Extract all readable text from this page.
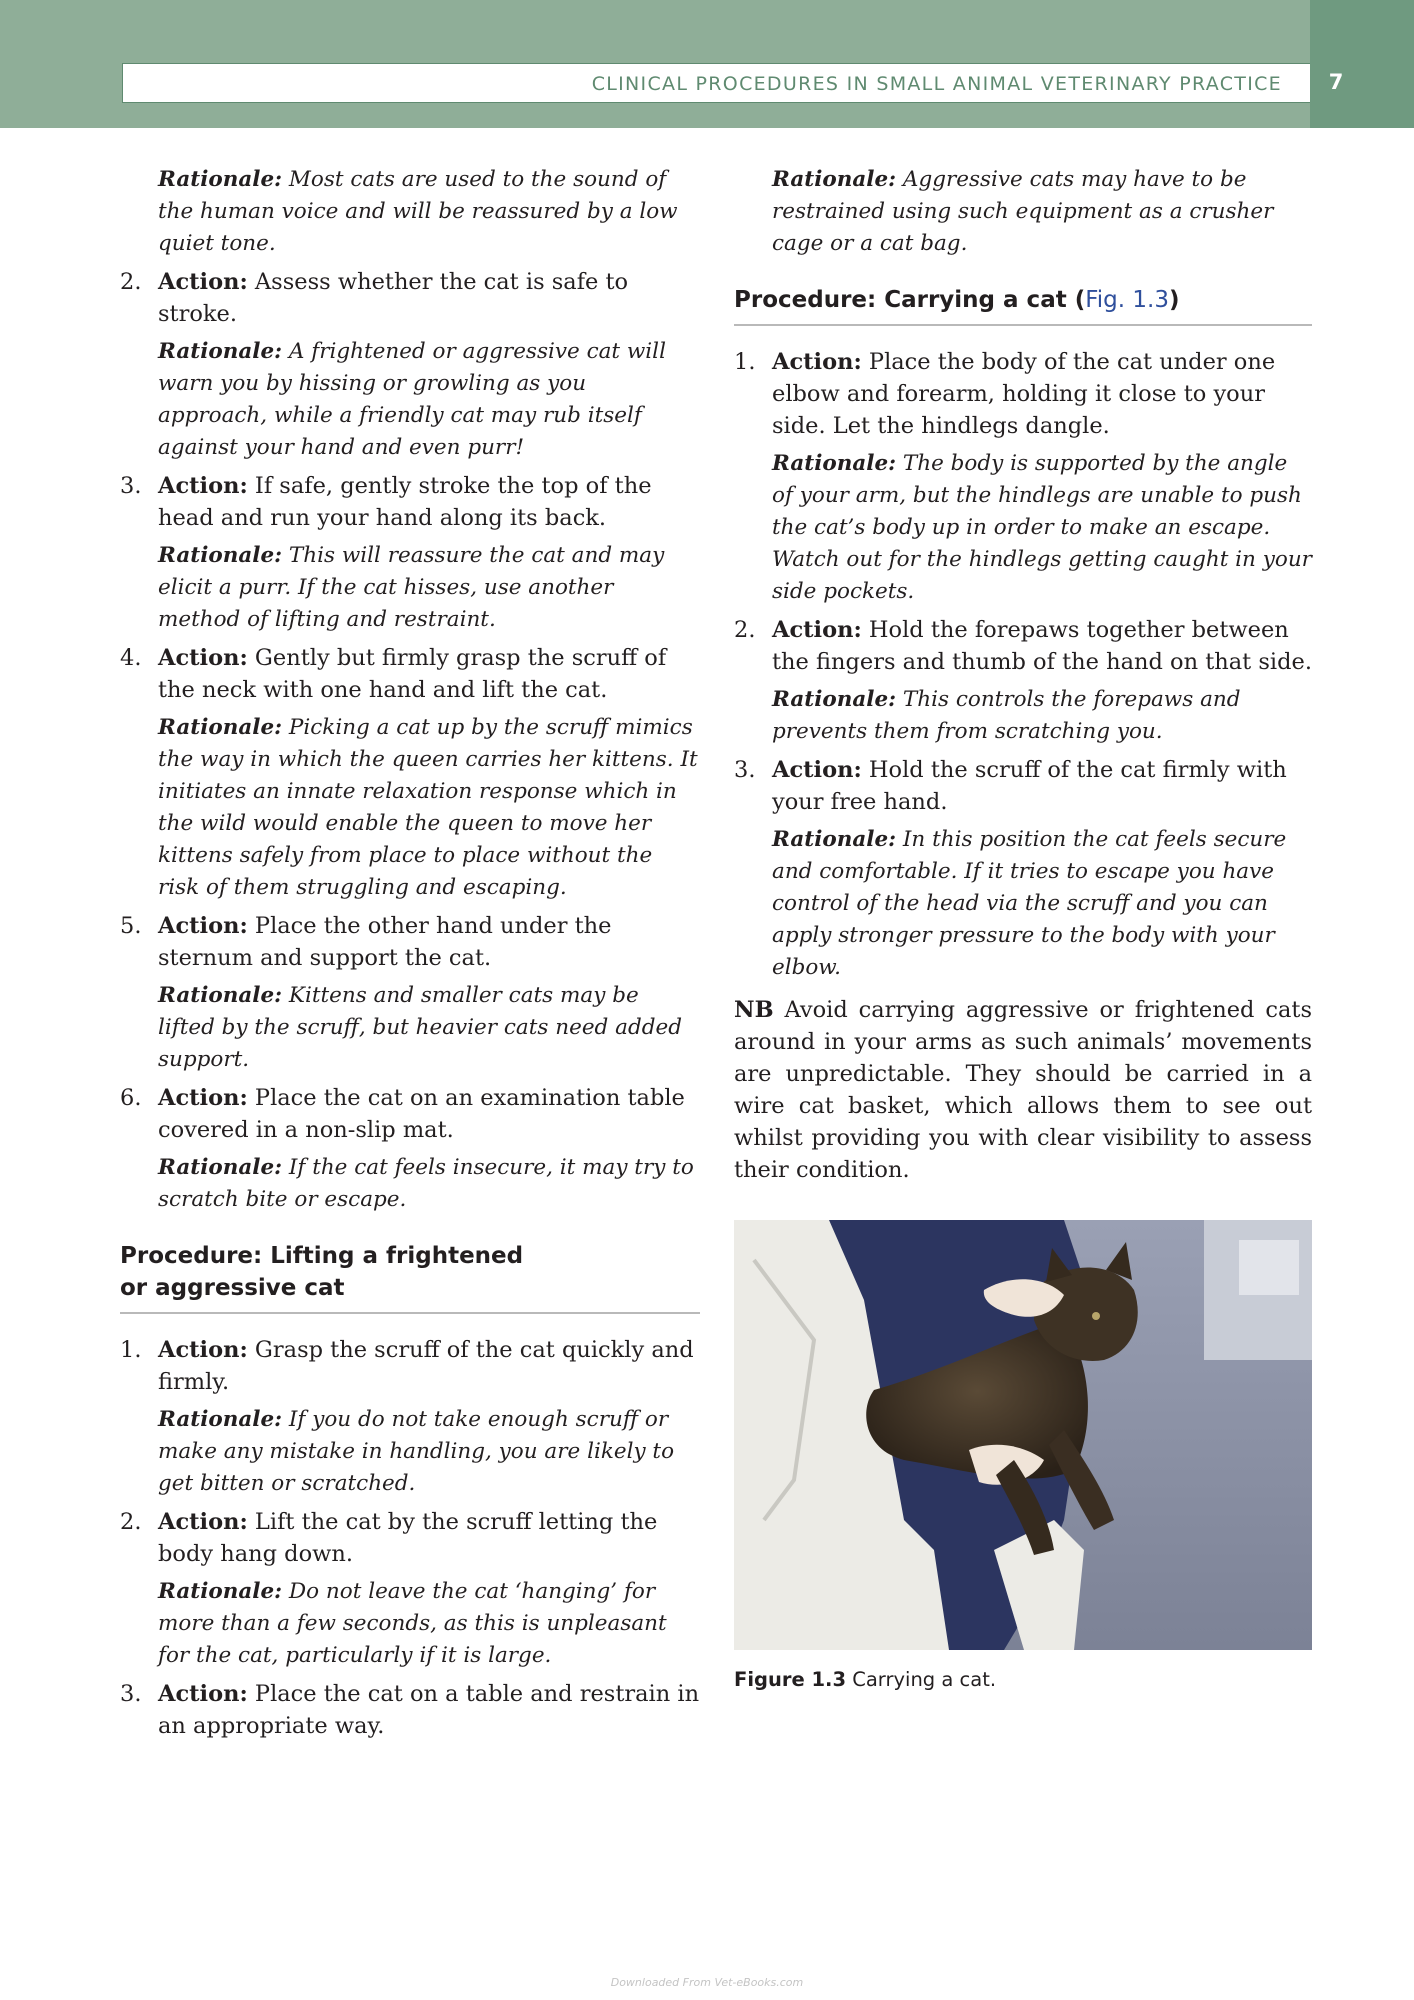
CLINICAL PROCEDURES IN SMALL ANIMAL VETERINARY PRACTICE	7

Rationale: Most cats are used to the sound of the human voice and will be reassured by a low quiet tone.

2. Action: Assess whether the cat is safe to stroke.

Rationale: A frightened or aggressive cat will warn you by hissing or growling as you approach, while a friendly cat may rub itself against your hand and even purr!

3. Action: If safe, gently stroke the top of the head and run your hand along its back.

Rationale: This will reassure the cat and may elicit a purr. If the cat hisses, use another method of lifting and restraint.

4. Action: Gently but firmly grasp the scruff of the neck with one hand and lift the cat.

Rationale: Picking a cat up by the scruff mimics the way in which the queen carries her kittens. It initiates an innate relaxation response which in the wild would enable the queen to move her kittens safely from place to place without the risk of them struggling and escaping.

5. Action: Place the other hand under the sternum and support the cat.

Rationale: Kittens and smaller cats may be lifted by the scruff, but heavier cats need added support.

6. Action: Place the cat on an examination table covered in a non-slip mat.

Rationale: If the cat feels insecure, it may try to scratch bite or escape.

Procedure: Lifting a frightened
or aggressive cat
1. Action: Grasp the scruff of the cat quickly and firmly.

Rationale: If you do not take enough scruff or make any mistake in handling, you are likely to get bitten or scratched.

2. Action: Lift the cat by the scruff letting the body hang down.

Rationale: Do not leave the cat ‘hanging’ for more than a few seconds, as this is unpleasant for the cat, particularly if it is large.

3. Action: Place the cat on a table and restrain in an appropriate way.

Rationale: Aggressive cats may have to be restrained using such equipment as a crusher cage or a cat bag.

Procedure: Carrying a cat (Fig. 1.3)
1. Action: Place the body of the cat under one elbow and forearm, holding it close to your side. Let the hindlegs dangle.

Rationale: The body is supported by the angle of your arm, but the hindlegs are unable to push the cat’s body up in order to make an escape. Watch out for the hindlegs getting caught in your side pockets.

2. Action: Hold the forepaws together between the fingers and thumb of the hand on that side.

Rationale: This controls the forepaws and prevents them from scratching you.

3. Action: Hold the scruff of the cat firmly with your free hand.

Rationale: In this position the cat feels secure and comfortable. If it tries to escape you have control of the head via the scruff and you can apply stronger pressure to the body with your elbow.

NB Avoid carrying aggressive or frightened cats around in your arms as such animals’ movements are unpredictable. They should be carried in a wire cat basket, which allows them to see out whilst providing you with clear visibility to assess their condition.

Figure 1.3 Carrying a cat.
Downloaded From Vet-eBooks.com
